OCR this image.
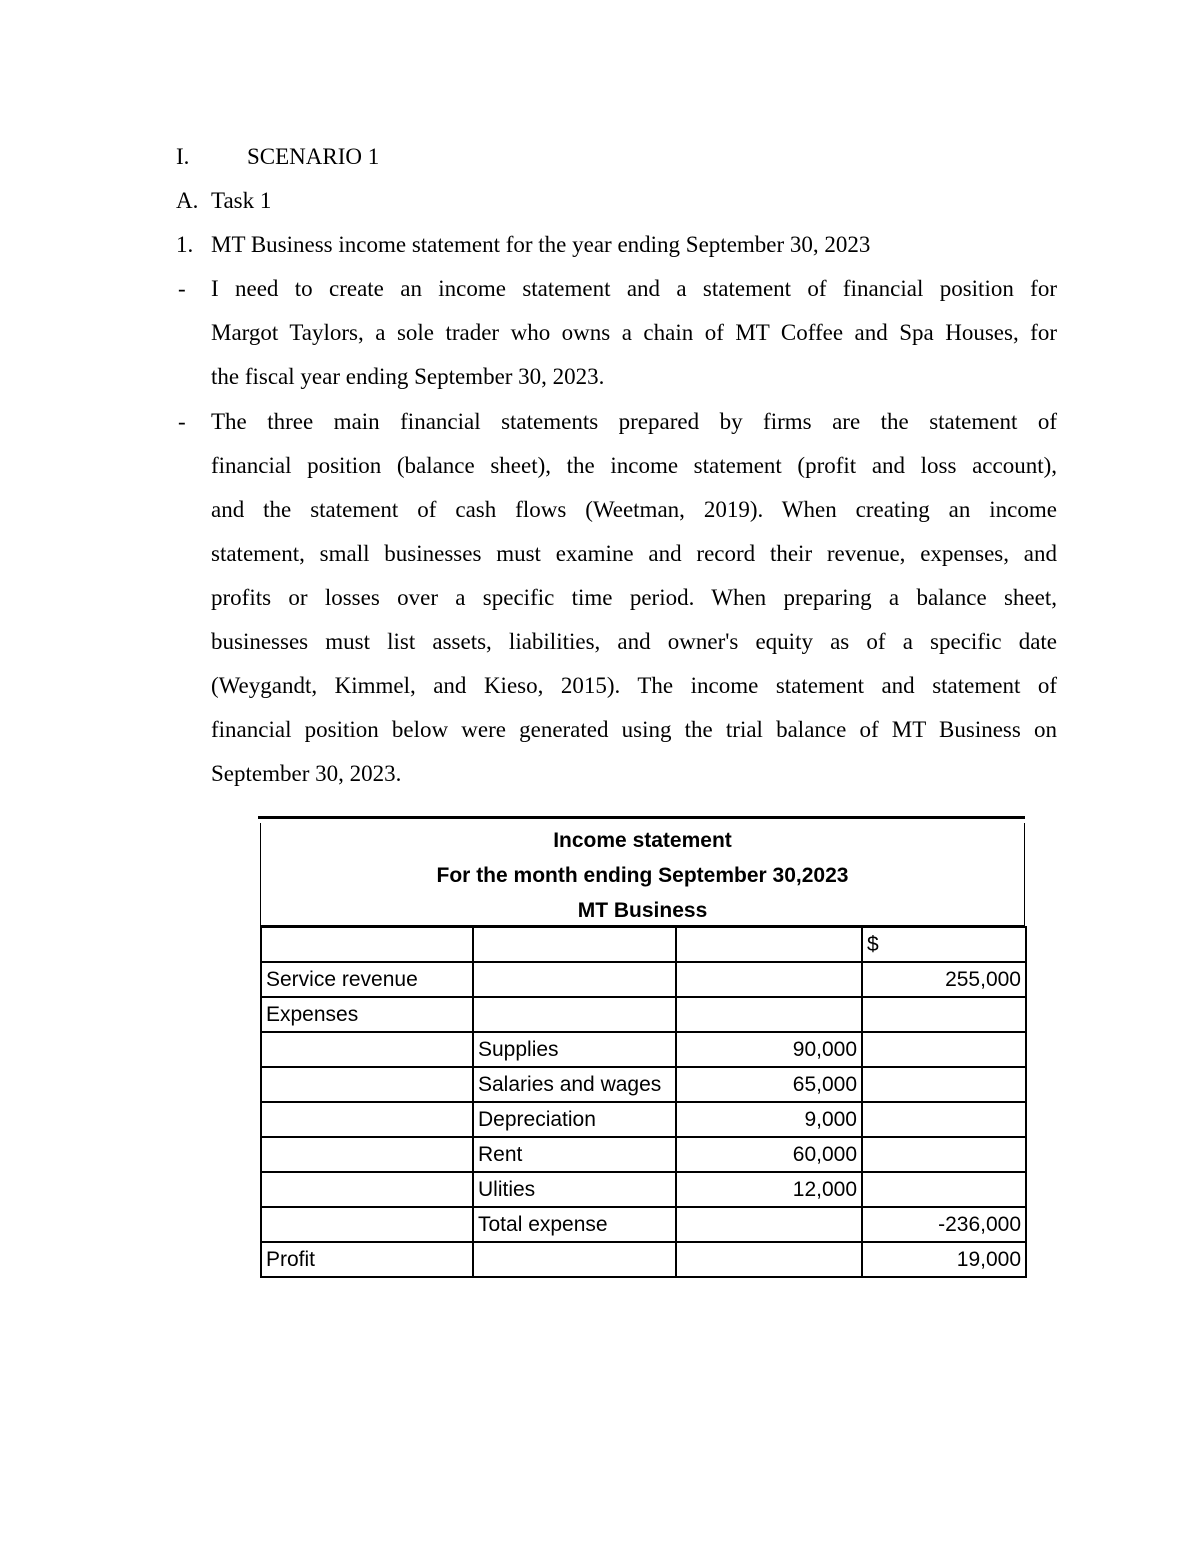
I.	SCENARIO 1
A. Task 1
1. MT Business income statement for the year ending September 30, 2023
- I need to create an income statement and a statement of financial position for
Margot Taylors, a sole trader who owns a chain of MT Coffee and Spa Houses, for
the fiscal year ending September 30, 2023.
- The three main financial statements prepared by firms are the statement of
financial position (balance sheet), the income statement (profit and loss account),
and the statement of cash flows (Weetman, 2019). When creating an income
statement, small businesses must examine and record their revenue, expenses, and
profits or losses over a specific time period. When preparing a balance sheet,
businesses must list assets, liabilities, and owner's equity as of a specific date
(Weygandt, Kimmel, and Kieso, 2015). The income statement and statement of
financial position below were generated using the trial balance of MT Business on
September 30, 2023.
Income statement
For the month ending September 30,2023
MT Business
			$
Service revenue			255,000
Expenses			
	Supplies	90,000	
	Salaries and wages	65,000	
	Depreciation	9,000	
	Rent	60,000	
	Ulities	12,000	
	Total expense		-236,000
Profit			19,000
